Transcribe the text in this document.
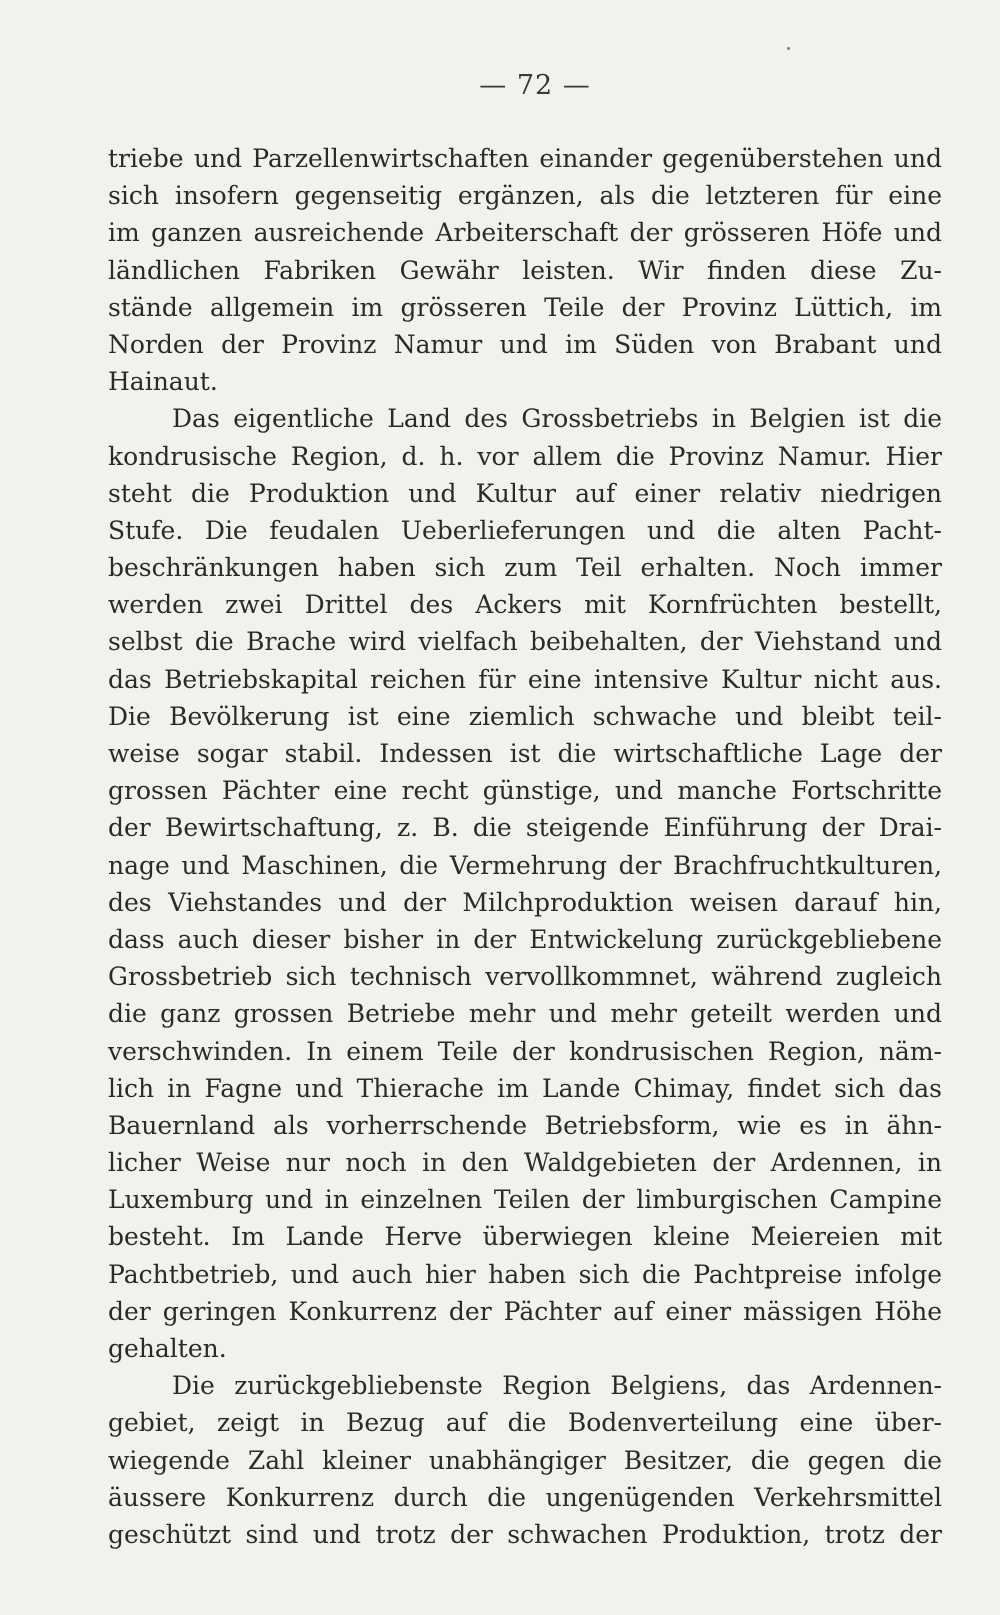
— 72 —
triebe und Parzellenwirtschaften einander gegenüberstehen und
sich insofern gegenseitig ergänzen, als die letzteren für eine
im ganzen ausreichende Arbeiterschaft der grösseren Höfe und
ländlichen Fabriken Gewähr leisten. Wir finden diese Zu-
stände allgemein im grösseren Teile der Provinz Lüttich, im
Norden der Provinz Namur und im Süden von Brabant und
Hainaut.
Das eigentliche Land des Grossbetriebs in Belgien ist die
kondrusische Region, d. h. vor allem die Provinz Namur. Hier
steht die Produktion und Kultur auf einer relativ niedrigen
Stufe. Die feudalen Ueberlieferungen und die alten Pacht-
beschränkungen haben sich zum Teil erhalten. Noch immer
werden zwei Drittel des Ackers mit Kornfrüchten bestellt,
selbst die Brache wird vielfach beibehalten, der Viehstand und
das Betriebskapital reichen für eine intensive Kultur nicht aus.
Die Bevölkerung ist eine ziemlich schwache und bleibt teil-
weise sogar stabil. Indessen ist die wirtschaftliche Lage der
grossen Pächter eine recht günstige, und manche Fortschritte
der Bewirtschaftung, z. B. die steigende Einführung der Drai-
nage und Maschinen, die Vermehrung der Brachfruchtkulturen,
des Viehstandes und der Milchproduktion weisen darauf hin,
dass auch dieser bisher in der Entwickelung zurückgebliebene
Grossbetrieb sich technisch vervollkommnet, während zugleich
die ganz grossen Betriebe mehr und mehr geteilt werden und
verschwinden. In einem Teile der kondrusischen Region, näm-
lich in Fagne und Thierache im Lande Chimay, findet sich das
Bauernland als vorherrschende Betriebsform, wie es in ähn-
licher Weise nur noch in den Waldgebieten der Ardennen, in
Luxemburg und in einzelnen Teilen der limburgischen Campine
besteht. Im Lande Herve überwiegen kleine Meiereien mit
Pachtbetrieb, und auch hier haben sich die Pachtpreise infolge
der geringen Konkurrenz der Pächter auf einer mässigen Höhe
gehalten.
Die zurückgebliebenste Region Belgiens, das Ardennen-
gebiet, zeigt in Bezug auf die Bodenverteilung eine über-
wiegende Zahl kleiner unabhängiger Besitzer, die gegen die
äussere Konkurrenz durch die ungenügenden Verkehrsmittel
geschützt sind und trotz der schwachen Produktion, trotz der
